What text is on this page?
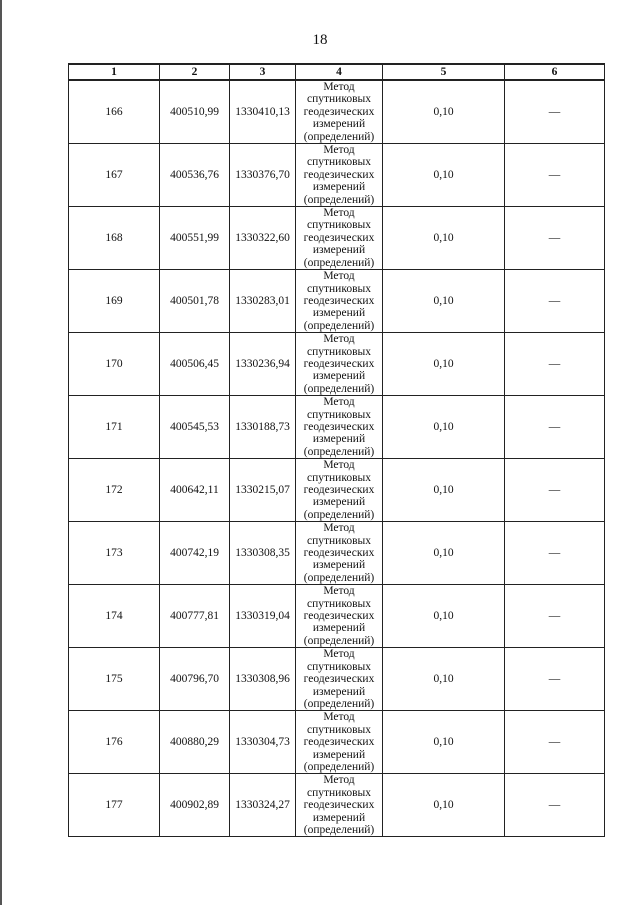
18
1	2	3	4	5	6
166	400510,99	1330410,13	Метод
спутниковых
геодезических
измерений
(определений)	0,10	—
167	400536,76	1330376,70	Метод
спутниковых
геодезических
измерений
(определений)	0,10	—
168	400551,99	1330322,60	Метод
спутниковых
геодезических
измерений
(определений)	0,10	—
169	400501,78	1330283,01	Метод
спутниковых
геодезических
измерений
(определений)	0,10	—
170	400506,45	1330236,94	Метод
спутниковых
геодезических
измерений
(определений)	0,10	—
171	400545,53	1330188,73	Метод
спутниковых
геодезических
измерений
(определений)	0,10	—
172	400642,11	1330215,07	Метод
спутниковых
геодезических
измерений
(определений)	0,10	—
173	400742,19	1330308,35	Метод
спутниковых
геодезических
измерений
(определений)	0,10	—
174	400777,81	1330319,04	Метод
спутниковых
геодезических
измерений
(определений)	0,10	—
175	400796,70	1330308,96	Метод
спутниковых
геодезических
измерений
(определений)	0,10	—
176	400880,29	1330304,73	Метод
спутниковых
геодезических
измерений
(определений)	0,10	—
177	400902,89	1330324,27	Метод
спутниковых
геодезических
измерений
(определений)	0,10	—
